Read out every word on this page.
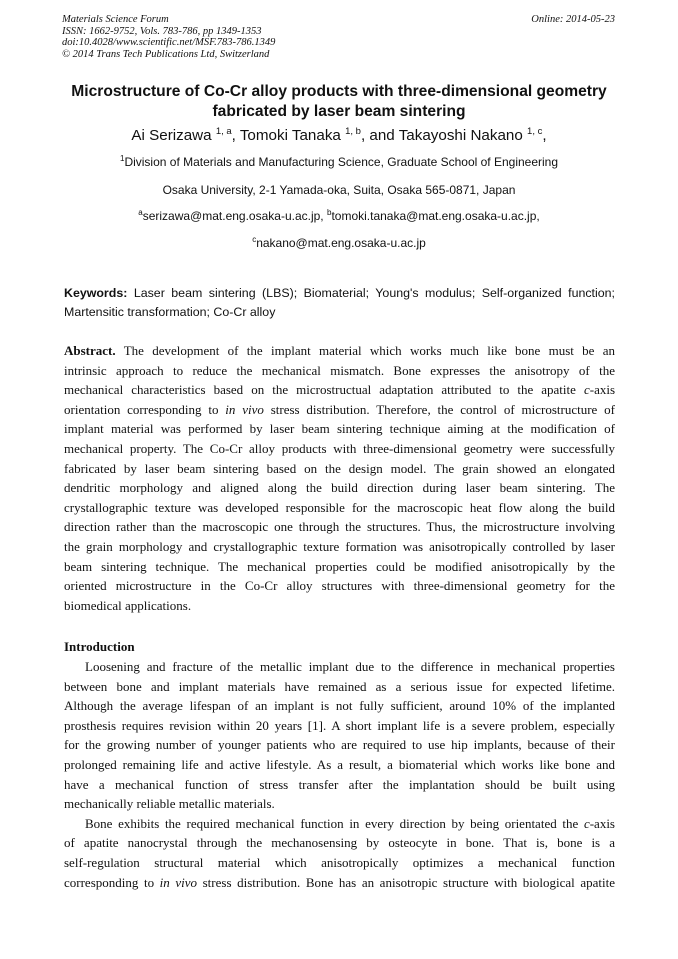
Materials Science Forum	Online: 2014-05-23
ISSN: 1662-9752, Vols. 783-786, pp 1349-1353
doi:10.4028/www.scientific.net/MSF.783-786.1349
© 2014 Trans Tech Publications Ltd, Switzerland
Microstructure of Co-Cr alloy products with three-dimensional geometry
fabricated by laser beam sintering
Ai Serizawa $^{1, a}$, Tomoki Tanaka $^{1, b}$, and Takayoshi Nakano $^{1, c}$,
$^1$Division of Materials and Manufacturing Science, Graduate School of Engineering
Osaka University, 2-1 Yamada-oka, Suita, Osaka 565-0871, Japan
$^a$serizawa@mat.eng.osaka-u.ac.jp, $^b$tomoki.tanaka@mat.eng.osaka-u.ac.jp,
$^c$nakano@mat.eng.osaka-u.ac.jp
Keywords: Laser beam sintering (LBS); Biomaterial; Young's modulus; Self-organized function; Martensitic transformation; Co-Cr alloy
Abstract. The development of the implant material which works much like bone must be an
intrinsic approach to reduce the mechanical mismatch. Bone expresses the anisotropy of the
mechanical characteristics based on the microstructual adaptation attributed to the apatite c-axis
orientation corresponding to in vivo stress distribution. Therefore, the control of microstructure of
implant material was performed by laser beam sintering technique aiming at the modification of
mechanical property. The Co-Cr alloy products with three-dimensional geometry were successfully
fabricated by laser beam sintering based on the design model. The grain showed an elongated
dendritic morphology and aligned along the build direction during laser beam sintering. The
crystallographic texture was developed responsible for the macroscopic heat flow along the build
direction rather than the macroscopic one through the structures. Thus, the microstructure involving
the grain morphology and crystallographic texture formation was anisotropically controlled by laser
beam sintering technique. The mechanical properties could be modified anisotropically by the
oriented microstructure in the Co-Cr alloy structures with three-dimensional geometry for the
biomedical applications.
Introduction
Loosening and fracture of the metallic implant due to the difference in mechanical properties
between bone and implant materials have remained as a serious issue for expected lifetime.
Although the average lifespan of an implant is not fully sufficient, around 10% of the implanted
prosthesis requires revision within 20 years [1]. A short implant life is a severe problem, especially
for the growing number of younger patients who are required to use hip implants, because of their
prolonged remaining life and active lifestyle. As a result, a biomaterial which works like bone and
have a mechanical function of stress transfer after the implantation should be built using
mechanically reliable metallic materials.
Bone exhibits the required mechanical function in every direction by being orientated the c-axis
of apatite nanocrystal through the mechanosensing by osteocyte in bone. That is, bone is a
self-regulation structural material which anisotropically optimizes a mechanical function
corresponding to in vivo stress distribution. Bone has an anisotropic structure with biological apatite
